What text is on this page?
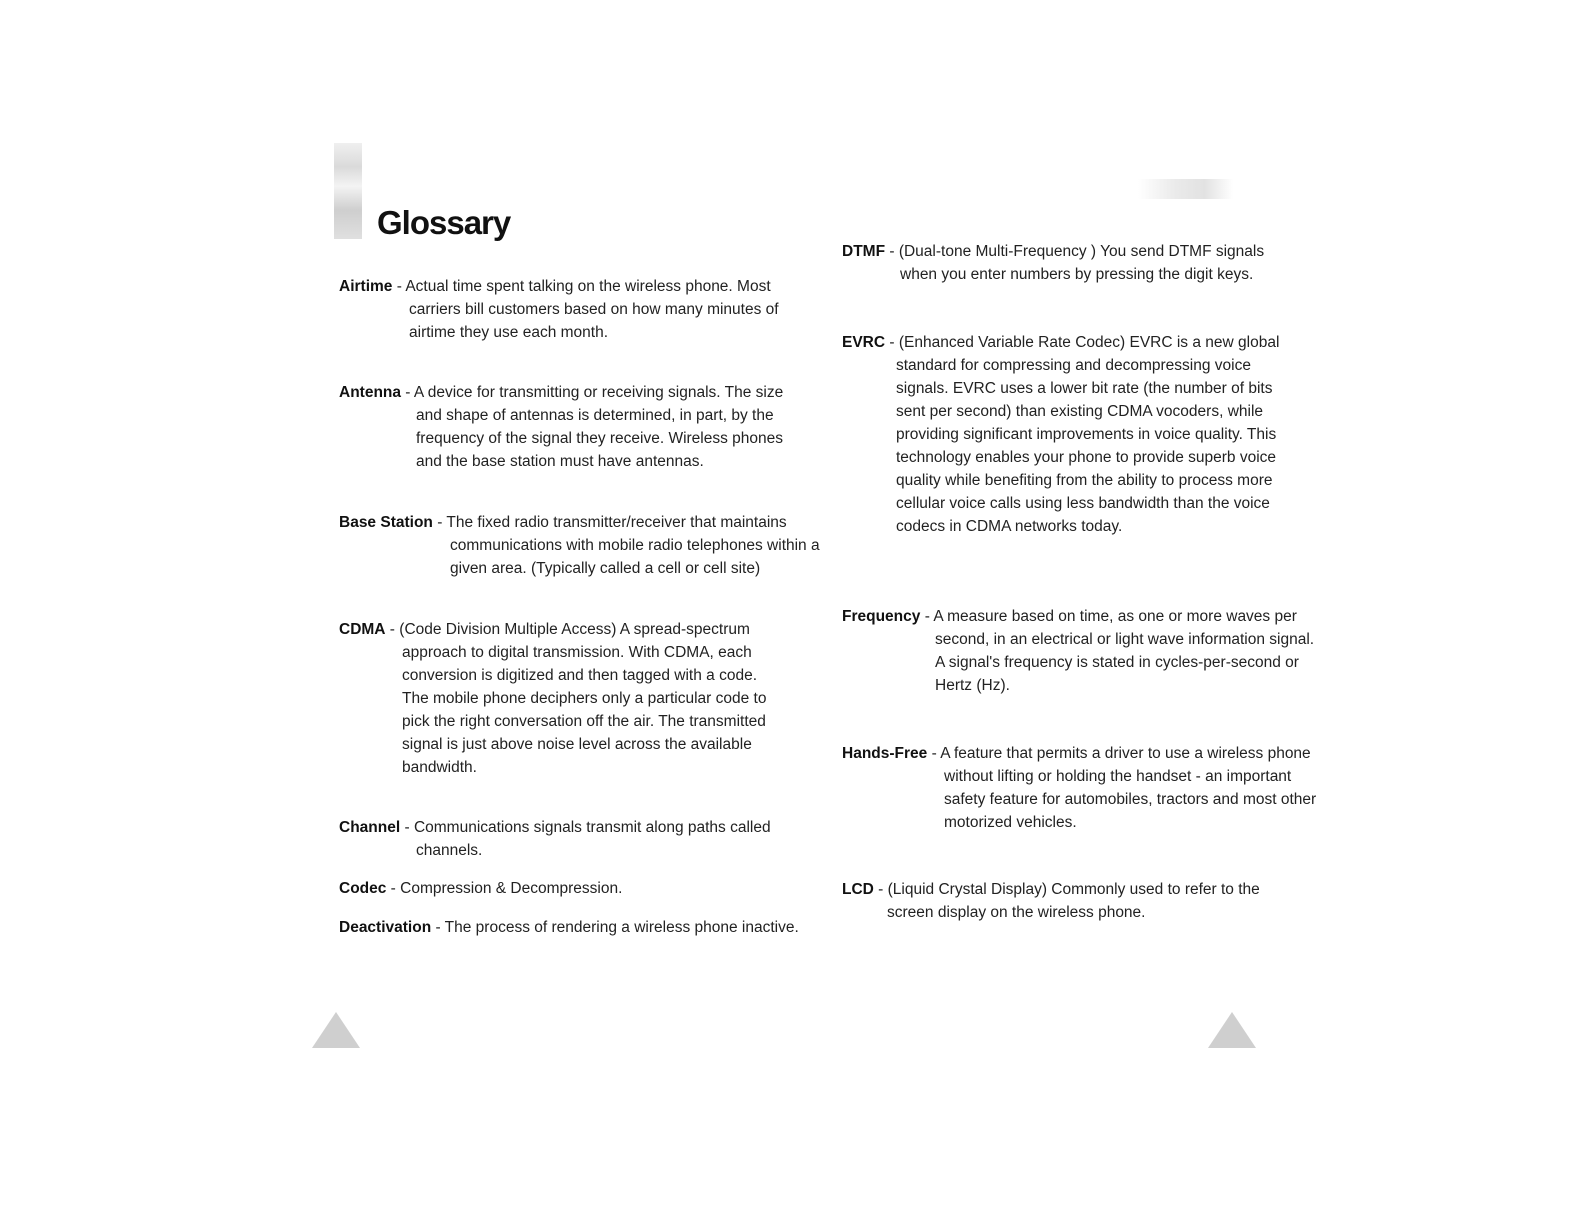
Glossary
Airtime - Actual time spent talking on the wireless phone. Most carriers bill customers based on how many minutes of airtime they use each month.
Antenna - A device for transmitting or receiving signals. The size and shape of antennas is determined, in part, by the frequency of the signal they receive. Wireless phones and the base station must have antennas.
Base Station - The fixed radio transmitter/receiver that maintains communications with mobile radio telephones within a given area. (Typically called a cell or cell site)
CDMA - (Code Division Multiple Access) A spread-spectrum approach to digital transmission. With CDMA, each conversion is digitized and then tagged with a code. The mobile phone deciphers only a particular code to pick the right conversation off the air. The transmitted signal is just above noise level across the available bandwidth.
Channel - Communications signals transmit along paths called channels.
Codec - Compression & Decompression.
Deactivation - The process of rendering a wireless phone inactive.
DTMF - (Dual-tone Multi-Frequency ) You send DTMF signals when you enter numbers by pressing the digit keys.
EVRC - (Enhanced Variable Rate Codec) EVRC is a new global standard for compressing and decompressing voice signals. EVRC uses a lower bit rate (the number of bits sent per second) than existing CDMA vocoders, while providing significant improvements in voice quality. This technology enables your phone to provide superb voice quality while benefiting from the ability to process more cellular voice calls using less bandwidth than the voice codecs in CDMA networks today.
Frequency - A measure based on time, as one or more waves per second, in an electrical or light wave information signal. A signal's frequency is stated in cycles-per-second or Hertz (Hz).
Hands-Free - A feature that permits a driver to use a wireless phone without lifting or holding the handset - an important safety feature for automobiles, tractors and most other motorized vehicles.
LCD - (Liquid Crystal Display) Commonly used to refer to the screen display on the wireless phone.
